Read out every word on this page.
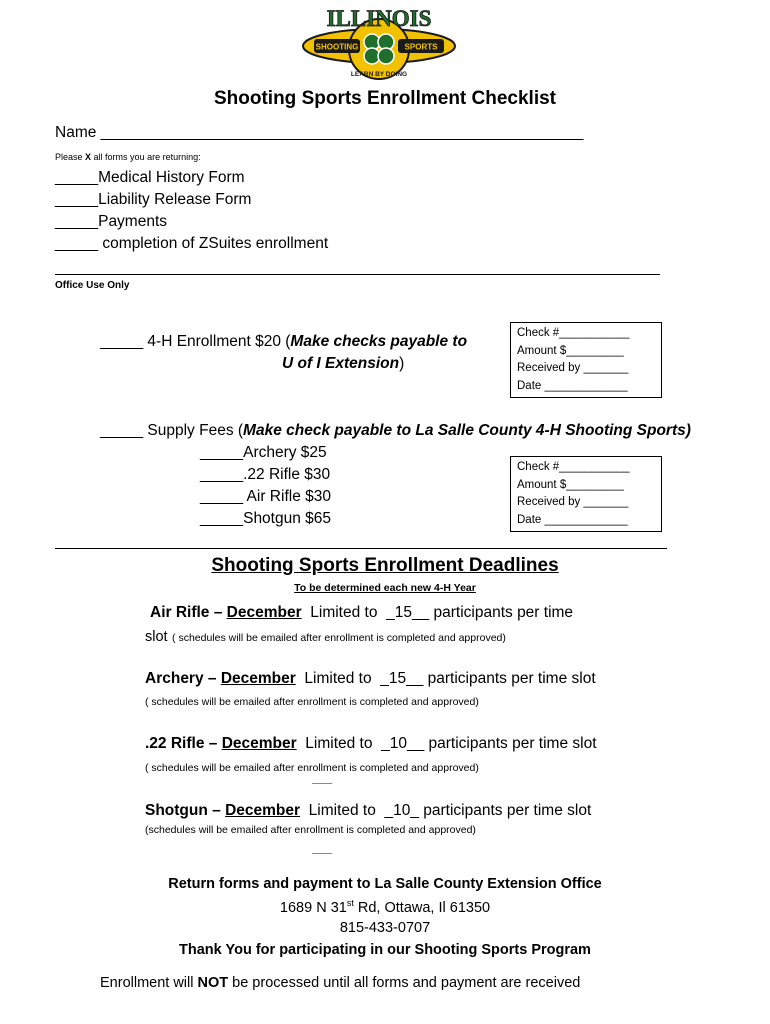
SHOOTING	SPORTS
ILLINOIS
LEARN BY DOING
Shooting Sports Enrollment Checklist
Name ________________________________________________________
Please X all forms you are returning:
_____Medical History Form
_____Liability Release Form
_____Payments
_____ completion of ZSuites enrollment
Office Use Only
_____ 4-H Enrollment $20 (Make checks payable to
U of I Extension)
Check #___________
Amount $_________
Received by _______
Date _____________
_____ Supply Fees (Make check payable to La Salle County 4-H Shooting Sports)
_____Archery $25
_____.22 Rifle $30
_____ Air Rifle $30
_____Shotgun $65
Check #___________
Amount $_________
Received by _______
Date _____________
Shooting Sports Enrollment Deadlines
To be determined each new 4-H Year
Air Rifle – December  Limited to  _15__ participants per time
slot ( schedules will be emailed after enrollment is completed and approved)
Archery – December  Limited to  _15__ participants per time slot
( schedules will be emailed after enrollment is completed and approved)
.22 Rifle – December  Limited to  _10__ participants per time slot
( schedules will be emailed after enrollment is completed and approved)
___
Shotgun – December  Limited to  _10_ participants per time slot
(schedules will be emailed after enrollment is completed and approved)
___
Return forms and payment to La Salle County Extension Office
1689 N 31st Rd, Ottawa, Il 61350
815-433-0707
Thank You for participating in our Shooting Sports Program
Enrollment will NOT be processed until all forms and payment are received
